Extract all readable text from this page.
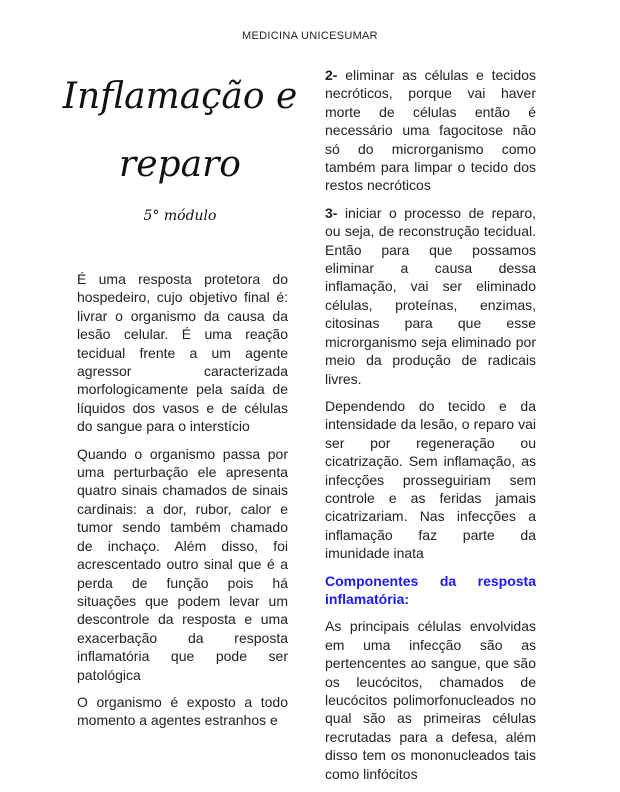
MEDICINA UNICESUMAR
Inflamação e
reparo
5° módulo

É uma resposta protetora do hospedeiro, cujo objetivo final é: livrar o organismo da causa da lesão celular. É uma reação tecidual frente a um agente agressor caracterizada morfologicamente pela saída de líquidos dos vasos e de células do sangue para o interstício

Quando o organismo passa por uma perturbação ele apresenta quatro sinais chamados de sinais cardinais: a dor, rubor, calor e tumor sendo também chamado de inchaço. Além disso, foi acrescentado outro sinal que é a perda de função pois há situações que podem levar um descontrole da resposta e uma exacerbação da resposta inflamatória que pode ser patológica

O organismo é exposto a todo momento a agentes estranhos e

2- eliminar as células e tecidos necróticos, porque vai haver morte de células então é necessário uma fagocitose não só do microrganismo como também para limpar o tecido dos restos necróticos

3- iniciar o processo de reparo, ou seja, de reconstrução tecidual. Então para que possamos eliminar a causa dessa inflamação, vai ser eliminado células, proteínas, enzimas, citosinas para que esse microrganismo seja eliminado por meio da produção de radicais livres.

Dependendo do tecido e da intensidade da lesão, o reparo vai ser por regeneração ou cicatrização. Sem inflamação, as infecções prosseguiriam sem controle e as feridas jamais cicatrizariam. Nas infecções a inflamação faz parte da imunidade inata

Componentes da resposta inflamatória:

As principais células envolvidas em uma infecção são as pertencentes ao sangue, que são os leucócitos, chamados de leucócitos polimorfonucleados no qual são as primeiras células recrutadas para a defesa, além disso tem os mononucleados tais como linfócitos
